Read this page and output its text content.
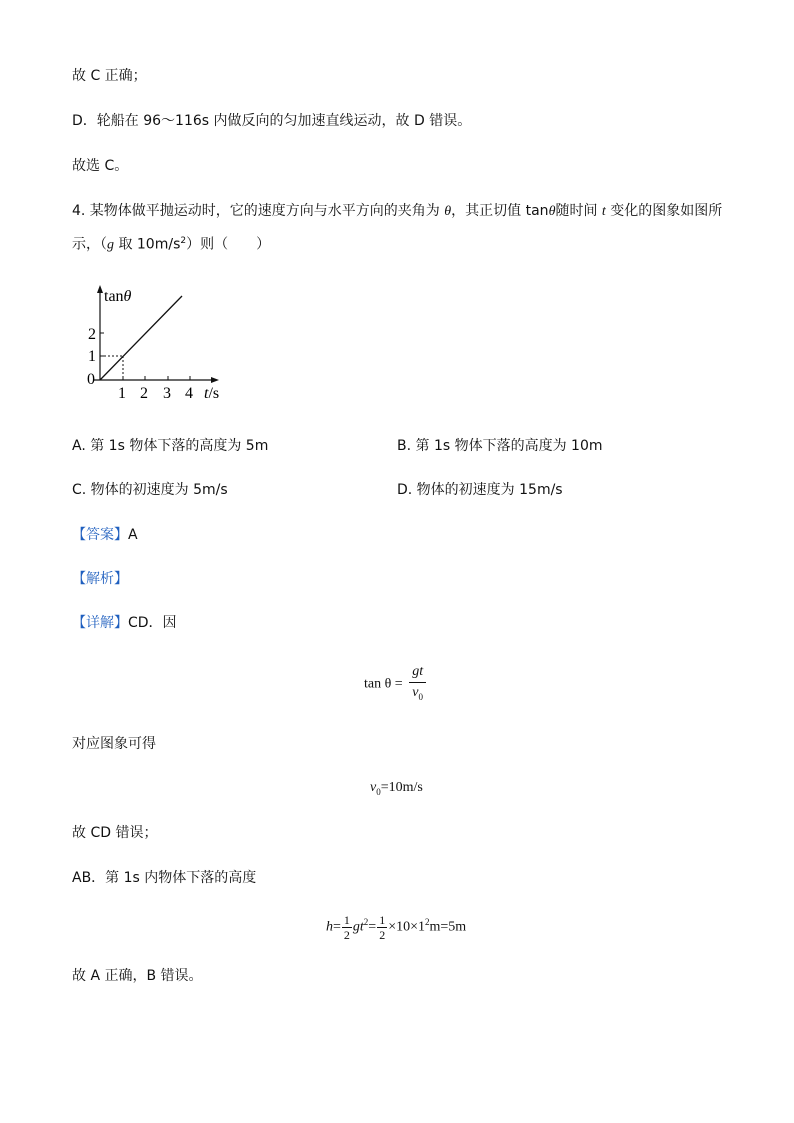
故 C 正确；
D．轮船在 96～116s 内做反向的匀加速直线运动，故 D 错误。
故选 C。
4. 某物体做平抛运动时，它的速度方向与水平方向的夹角为 θ，其正切值 tanθ随时间 t 变化的图象如图所
示，（g 取 $10m/s^2$）则（　　）
tanθ
2
1
0
1 2 3 4 t/s
A. 第 1s 物体下落的高度为 5m	B. 第 1s 物体下落的高度为 10m
C. 物体的初速度为 5m/s	D. 物体的初速度为 15m/s
【答案】A
【解析】
【详解】CD．因
$\tan \theta = \frac{gt}{v_0}$
对应图象可得
$v_0=10m/s$
故 CD 错误；
AB．第 1s 内物体下落的高度
$h= \frac{1}{2} gt^2= \frac{1}{2} \times 10\times 1^2m=5m$
故 A 正确，B 错误。
